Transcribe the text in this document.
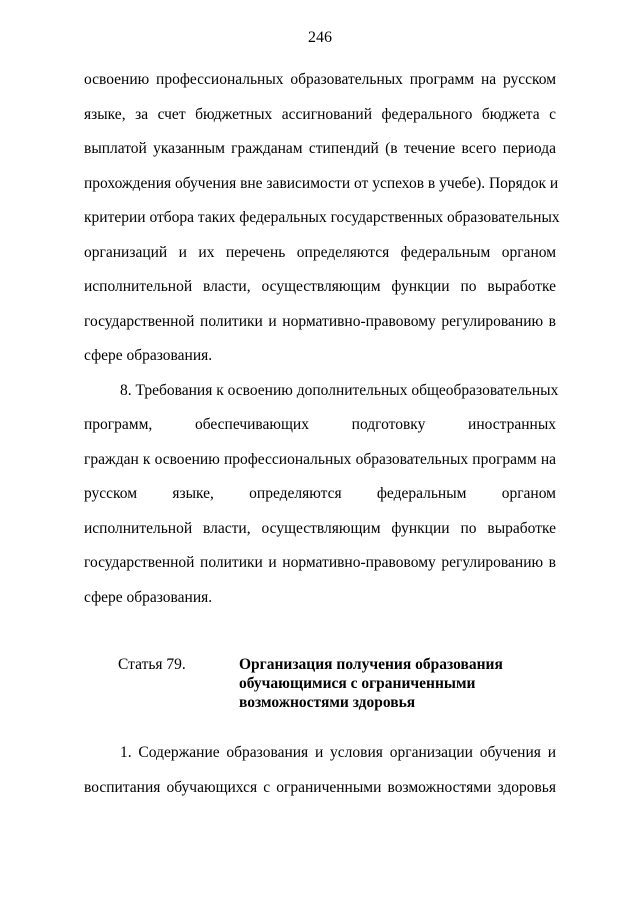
246
освоению профессиональных образовательных программ на русском
языке, за счет бюджетных ассигнований федерального бюджета с
выплатой указанным гражданам стипендий (в течение всего периода
прохождения обучения вне зависимости от успехов в учебе). Порядок и
критерии отбора таких федеральных государственных образовательных
организаций и их перечень определяются федеральным органом
исполнительной власти, осуществляющим функции по выработке
государственной политики и нормативно-правовому регулированию в
сфере образования.
8. Требования к освоению дополнительных общеобразовательных
программ, обеспечивающих подготовку иностранных
граждан к освоению профессиональных образовательных программ на
русском языке, определяются федеральным органом
исполнительной власти, осуществляющим функции по выработке
государственной политики и нормативно-правовому регулированию в
сфере образования.
Статья 79.	Организация получения образования
обучающимися с ограниченными
возможностями здоровья
1. Содержание образования и условия организации обучения и
воспитания обучающихся с ограниченными возможностями здоровья
